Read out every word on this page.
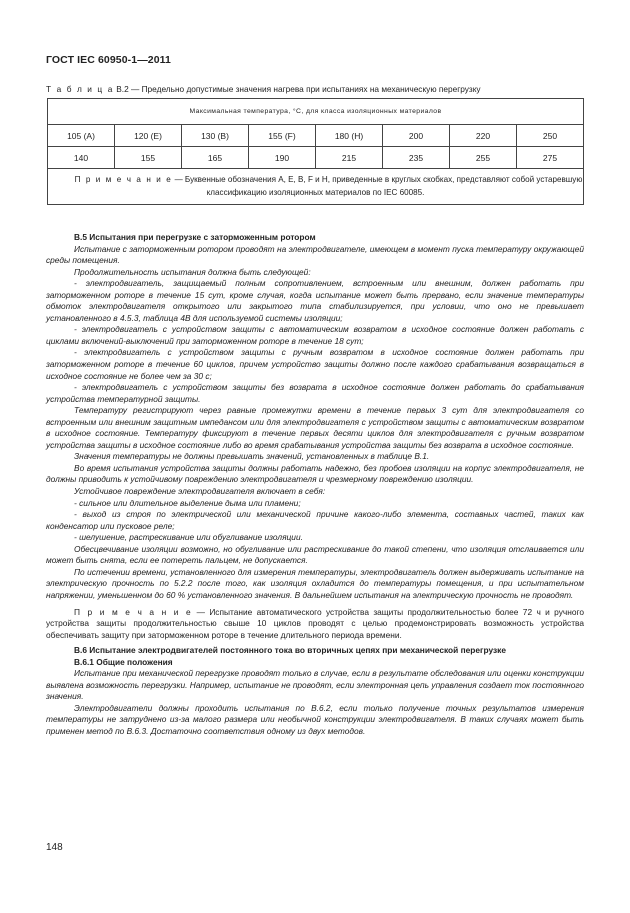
ГОСТ IEC 60950-1—2011
Т а б л и ц а В.2 — Предельно допустимые значения нагрева при испытаниях на механическую перегрузку
Максимальная температура, °С, для класса изоляционных материалов							
105 (А)	120 (Е)	130 (В)	155 (F)	180 (Н)	200	220	250
140	155	165	190	215	235	255	275
П р и м е ч а н и е — Буквенные обозначения А, Е, В, F и Н, приведенные в круглых скобках, представляют собой устаревшую классификацию изоляционных материалов по IEC 60085.							

В.5 Испытания при перегрузке с заторможенным ротором

Испытание с заторможенным ротором проводят на электродвигателе, имеющем в момент пуска температуру окружающей среды помещения.

Продолжительность испытания должна быть следующей:

- электродвигатель, защищаемый полным сопротивлением, встроенным или внешним, должен работать при заторможенном роторе в течение 15 сут, кроме случая, когда испытание может быть прервано, если значение температуры обмоток электродвигателя открытого или закрытого типа стабилизируется, при условии, что оно не превышает установленного в 4.5.3, таблица 4В для используемой системы изоляции;

- электродвигатель с устройством защиты с автоматическим возвратом в исходное состояние должен работать с циклами включений-выключений при заторможенном роторе в течение 18 сут;

- электродвигатель с устройством защиты с ручным возвратом в исходное состояние должен работать при заторможенном роторе в течение 60 циклов, причем устройство защиты должно после каждого срабатывания возвращаться в исходное состояние не более чем за 30 с;

- электродвигатель с устройством защиты без возврата в исходное состояние должен работать до срабатывания устройства температурной защиты.

Температуру регистрируют через равные промежутки времени в течение первых 3 сут для электродвигателя со встроенным или внешним защитным импедансом или для электродвигателя с устройством защиты с автоматическим возвратом в исходное состояние. Температуру фиксируют в течение первых десяти циклов для электродвигателя с ручным возвратом устройства защиты в исходное состояние либо во время срабатывания устройства защиты без возврата в исходное состояние.

Значения температуры не должны превышать значений, установленных в таблице В.1.

Во время испытания устройства защиты должны работать надежно, без пробоев изоляции на корпус электродвигателя, не должны приводить к устойчивому повреждению электродвигателя и чрезмерному повреждению изоляции.

Устойчивое повреждение электродвигателя включает в себя:

- сильное или длительное выделение дыма или пламени;

- выход из строя по электрической или механической причине какого-либо элемента, составных частей, таких как конденсатор или пусковое реле;

- шелушение, растрескивание или обугливание изоляции.

Обесцвечивание изоляции возможно, но обугливание или растрескивание до такой степени, что изоляция отслаивается или может быть снята, если ее потереть пальцем, не допускается.

По истечении времени, установленного для измерения температуры, электродвигатель должен выдерживать испытание на электрическую прочность по 5.2.2 после того, как изоляция охладится до температуры помещения, и при испытательном напряжении, уменьшенном до 60 % установленного значения. В дальнейшем испытания на электрическую прочность не проводят.

П р и м е ч а н и е — Испытание автоматического устройства защиты продолжительностью более 72 ч и ручного устройства защиты продолжительностью свыше 10 циклов проводят с целью продемонстрировать возможность устройства обеспечивать защиту при заторможенном роторе в течение длительного периода времени.

В.6 Испытание электродвигателей постоянного тока во вторичных цепях при механической перегрузке

В.6.1 Общие положения

Испытание при механической перегрузке проводят только в случае, если в результате обследования или оценки конструкции выявлена возможность перегрузки. Например, испытание не проводят, если электронная цепь управления создает ток постоянного значения.

Электродвигатели должны проходить испытания по В.6.2, если только получение точных результатов измерения температуры не затруднено из-за малого размера или необычной конструкции электродвигателя. В таких случаях может быть применен метод по В.6.3. Достаточно соответствия одному из двух методов.

148
